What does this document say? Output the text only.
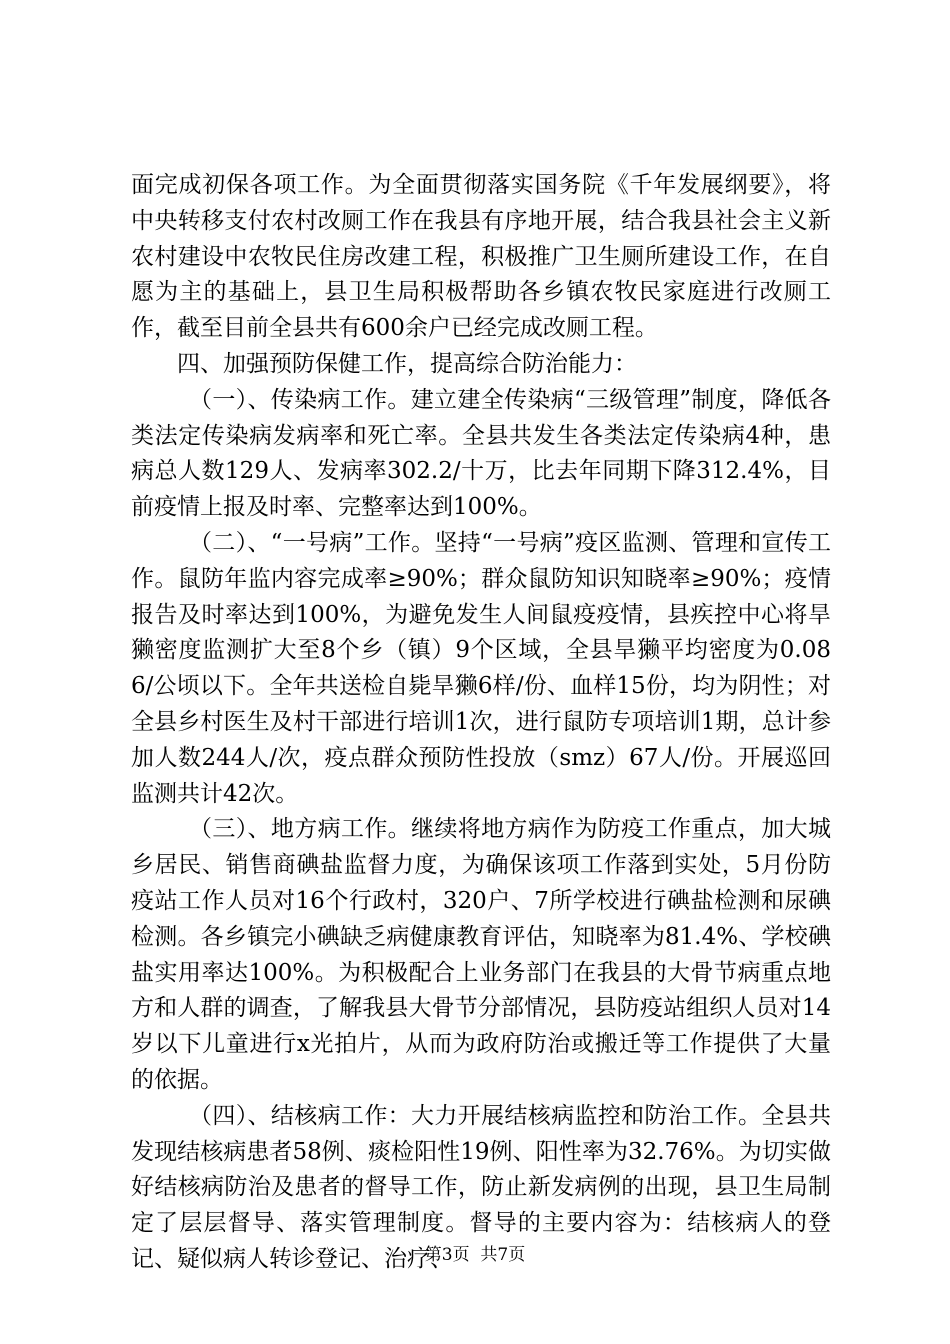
面完成初保各项工作。为全面贯彻落实国务院《千年发展纲要》，将中央转移支付农村改厕工作在我县有序地开展，结合我县社会主义新农村建设中农牧民住房改建工程，积极推广卫生厕所建设工作，在自愿为主的基础上，县卫生局积极帮助各乡镇农牧民家庭进行改厕工作，截至目前全县共有600余户已经完成改厕工程。

四、加强预防保健工作，提高综合防治能力：

（一）、传染病工作。建立建全传染病“三级管理”制度，降低各类法定传染病发病率和死亡率。全县共发生各类法定传染病4种，患病总人数129人、发病率302.2/十万，比去年同期下降312.4%，目前疫情上报及时率、完整率达到100%。

（二）、“一号病”工作。坚持“一号病”疫区监测、管理和宣传工作。鼠防年监内容完成率≥90%；群众鼠防知识知晓率≥90%；疫情报告及时率达到100%，为避免发生人间鼠疫疫情，县疾控中心将旱獭密度监测扩大至8个乡（镇）9个区域，全县旱獭平均密度为0.086/公顷以下。全年共送检自毙旱獭6样/份、血样15份，均为阴性；对全县乡村医生及村干部进行培训1次，进行鼠防专项培训1期，总计参加人数244人/次，疫点群众预防性投放（smz）67人/份。开展巡回监测共计42次。

（三）、地方病工作。继续将地方病作为防疫工作重点，加大城乡居民、销售商碘盐监督力度，为确保该项工作落到实处，5月份防疫站工作人员对16个行政村，320户、7所学校进行碘盐检测和尿碘检测。各乡镇完小碘缺乏病健康教育评估，知晓率为81.4%、学校碘盐实用率达100%。为积极配合上业务部门在我县的大骨节病重点地方和人群的调查，了解我县大骨节分部情况，县防疫站组织人员对14岁以下儿童进行x光拍片，从而为政府防治或搬迁等工作提供了大量的依据。

（四）、结核病工作：大力开展结核病监控和防治工作。全县共发现结核病患者58例、痰检阳性19例、阳性率为32.76%。为切实做好结核病防治及患者的督导工作，防止新发病例的出现，县卫生局制定了层层督导、落实管理制度。督导的主要内容为：结核病人的登记、疑似病人转诊登记、治疗、

第3页  共7页
